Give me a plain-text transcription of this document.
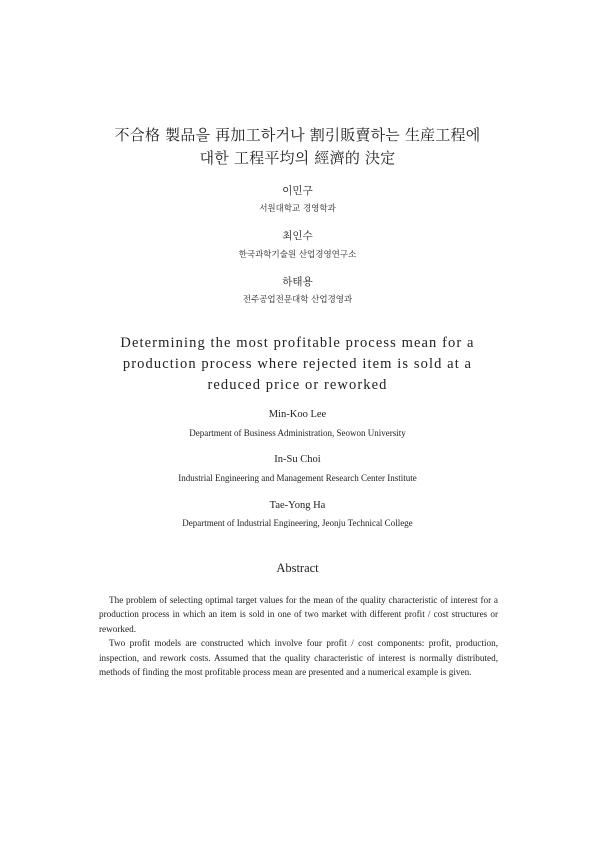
不合格 製品을 再加工하거나 割引販賣하는 生産工程에
대한 工程平均의 經濟的 決定
이민구
서원대학교 경영학과
최인수
한국과학기술원 산업경영연구소
하태용
전주공업전문대학 산업경영과
Determining the most profitable process mean for a
production process where rejected item is sold at a
reduced price or reworked
Min-Koo Lee
Department of Business Administration, Seowon University
In-Su Choi
Industrial Engineering and Management Research Center Institute
Tae-Yong Ha
Department of Industrial Engineering, Jeonju Technical College
Abstract

The problem of selecting optimal target values for the mean of the quality characteristic of interest for a production process in which an item is sold in one of two market with different profit / cost structures or reworked.

Two profit models are constructed which involve four profit / cost components: profit, production, inspection, and rework costs. Assumed that the quality characteristic of interest is normally distributed, methods of finding the most profitable process mean are presented and a numerical example is given.
